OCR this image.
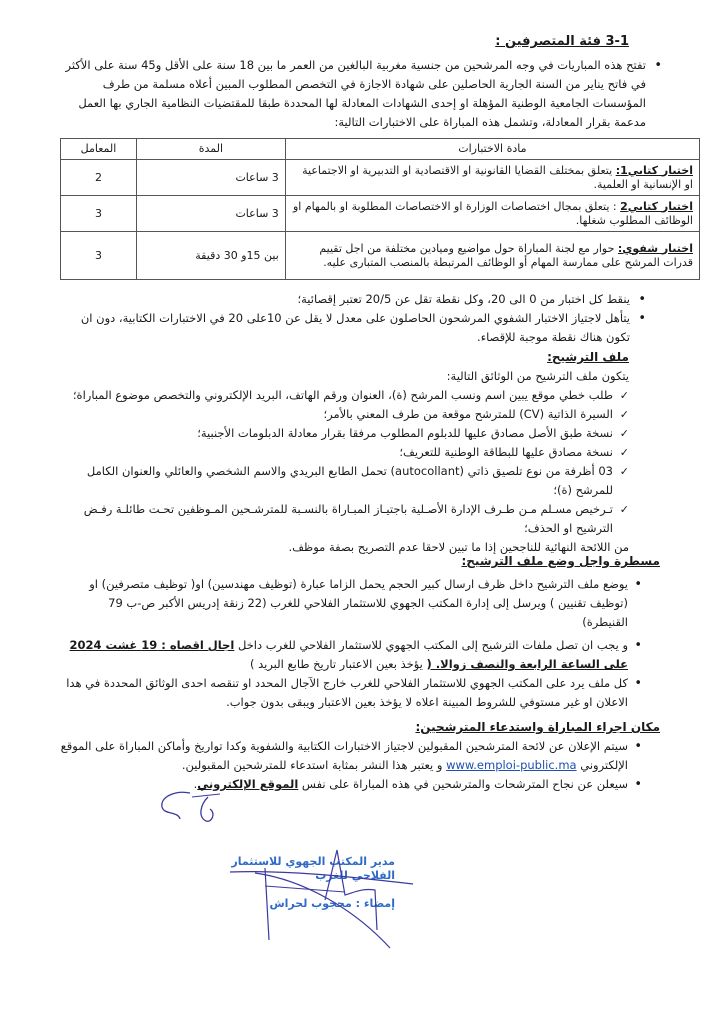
3-1 فئة المتصرفين :
• تفتح هذه المباريات في وجه المرشحين من جنسية مغربية البالغين من العمر ما بين 18 سنة على الأقل و45 سنة على الأكثر في فاتح يناير من السنة الجارية الحاصلين على شهادة الاجازة في التخصص المطلوب المبين أعلاه مسلمة من طرف المؤسسات الجامعية الوطنية المؤهلة او إحدى الشهادات المعادلة لها المحددة طبقا للمقتضيات النظامية الجاري بها العمل مدعمة بقرار المعادلة، وتشمل هذه المباراة على الاختبارات التالية:
مادة الاختبارات	المدة	المعامل
اختبار كتابي1: يتعلق بمختلف القضايا القانونية او الاقتصادية او التدبيرية او الاجتماعية او الإنسانية او العلمية.	3 ساعات	2
اختبار كتابي2 : يتعلق بمجال اختصاصات الوزارة او الاختصاصات المطلوبة او بالمهام او الوظائف المطلوب شغلها.	3 ساعات	3
اختبار شفوي: حوار مع لجنة المباراة حول مواضيع وميادين مختلفة من اجل تقييم قدرات المرشح على ممارسة المهام أو الوظائف المرتبطة بالمنصب المتبارى عليه.	بين 15و 30 دقيقة	3
• ينقط كل اختبار من 0 الى 20، وكل نقطة تقل عن 20/5 تعتبر إقصائية؛
• يتأهل لاجتياز الاختبار الشفوي المرشحون الحاصلون على معدل لا يقل عن 10على 20 في الاختبارات الكتابية، دون ان تكون هناك نقطة موجبة للإقصاء.
ملف الترشيح:
يتكون ملف الترشيح من الوثائق التالية:
✓ طلب خطي موقع يبين اسم ونسب المرشح (ة)، العنوان ورقم الهاتف، البريد الإلكتروني والتخصص موضوع المباراة؛
✓ السيرة الذاتية (CV) للمترشح موقعة من طرف المعني بالأمر؛
✓ نسخة طبق الأصل مصادق عليها للدبلوم المطلوب مرفقا بقرار معادلة الدبلومات الأجنبية؛
✓ نسخة مصادق عليها للبطاقة الوطنية للتعريف؛
✓ 03 أظرفة من نوع تلصيق ذاتي (autocollant) تحمل الطابع البريدي والاسم الشخصي والعائلي والعنوان الكامل للمرشح (ة)؛
✓ تـرخيص مسـلم مـن طـرف الإدارة الأصـلية باجتيـاز المبـاراة بالنسـبة للمترشـحين المـوظفين تحـت طائلـة رفـض الترشيح او الحذف؛
من اللائحة النهائية للناجحين إذا ما تبين لاحقا عدم التصريح بصفة موظف.
مسطرة واجل وضع ملف الترشيح:
• يوضع ملف الترشيح داخل ظرف ارسال كبير الحجم يحمل الزاما عبارة (توظيف مهندسين) او( توظيف متصرفين) او (توظيف تقنيين ) ويرسل إلى إدارة المكتب الجهوي للاستثمار الفلاحي للغرب (22 زنقة إدريس الأكبر ص-ب 79 القنيطرة)
• و يجب ان تصل ملفات الترشيح إلى المكتب الجهوي للاستثمار الفلاحي للغرب داخل اجال اقصاه : 19 غشت 2024 على الساعة الرابعة والنصف زوالا. ( يؤخذ بعين الاعتبار تاريخ طابع البريد )
• كل ملف يرد على المكتب الجهوي للاستثمار الفلاحي للغرب خارج الآجال المحدد او تنقصه احدى الوثائق المحددة في هدا الاعلان او غير مستوفي للشروط المبينة اعلاه لا يؤخذ بعين الاعتبار ويبقى بدون جواب.
مكان اجراء المباراة واستدعاء المترشحين:
• سيتم الإعلان عن لائحة المترشحين المقبولين لاجتياز الاختبارات الكتابية والشفوية وكدا تواريخ وأماكن المباراة على الموقع الإلكتروني www.emploi-public.ma و يعتبر هذا النشر بمثابة استدعاء للمترشحين المقبولين.
• سيعلن عن نجاح المترشحات والمترشحين في هذه المباراة على نفس الموقع الإلكتروني.
مدير المكتب الجهوي للاستثمار
الفلاحي للغرب
إمضاء : محجوب لحراش
